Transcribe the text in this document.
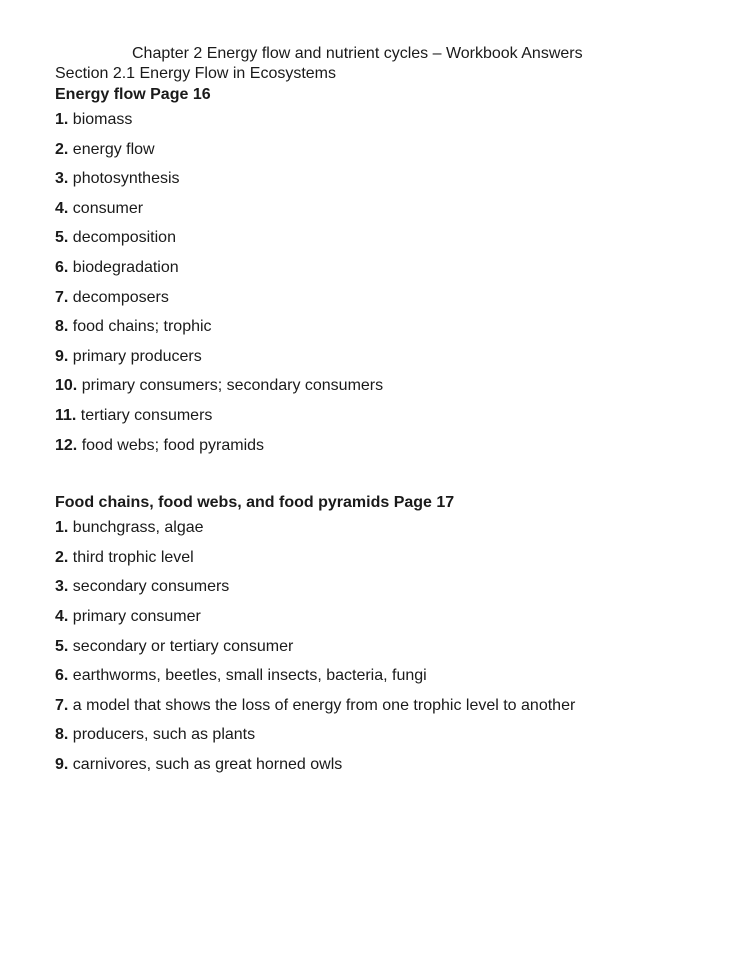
Chapter 2 Energy flow and nutrient cycles – Workbook Answers

Section 2.1 Energy Flow in Ecosystems

Energy flow Page 16
1. biomass
2. energy flow
3. photosynthesis
4. consumer
5. decomposition
6. biodegradation
7. decomposers
8. food chains; trophic
9. primary producers
10. primary consumers; secondary consumers
11. tertiary consumers
12. food webs; food pyramids
Food chains, food webs, and food pyramids Page 17
1. bunchgrass, algae
2. third trophic level
3. secondary consumers
4. primary consumer
5. secondary or tertiary consumer
6. earthworms, beetles, small insects, bacteria, fungi
7. a model that shows the loss of energy from one trophic level to another
8. producers, such as plants
9. carnivores, such as great horned owls
